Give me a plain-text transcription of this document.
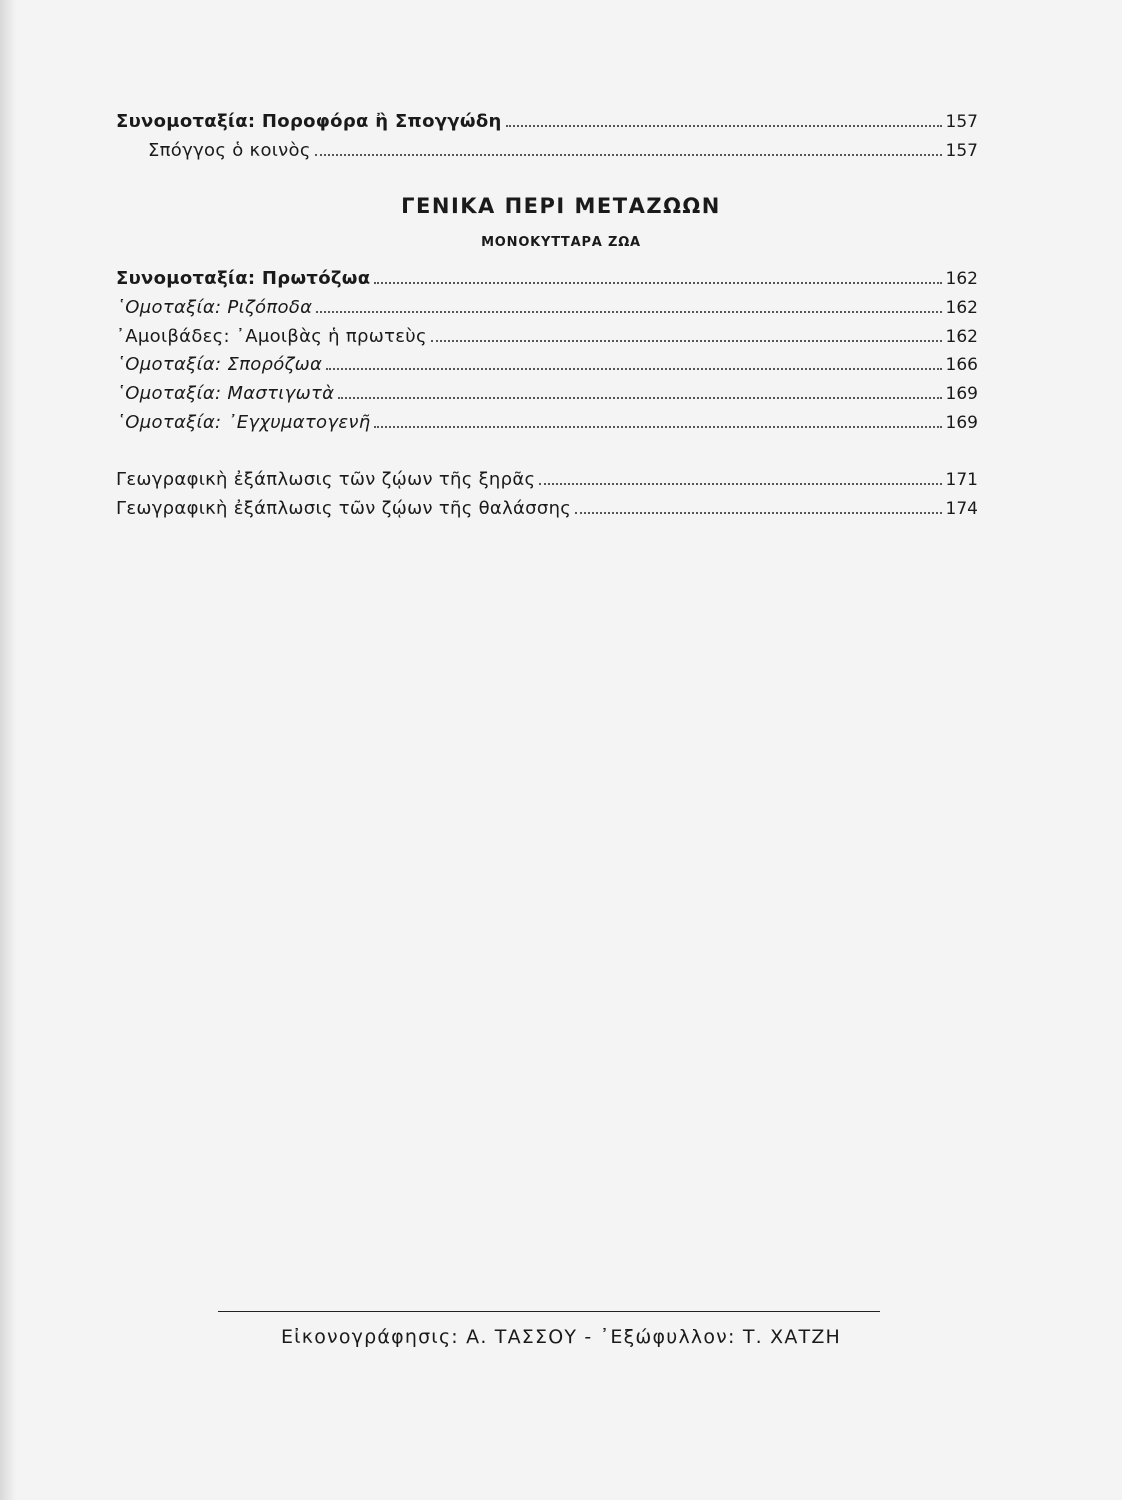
Συνομοταξία: Πορoφόρα ἢ Σπογγώδη	157
Σπόγγος ὁ κοινὸς	157
ΓΕΝΙΚΑ ΠΕΡΙ ΜΕΤΑΖΩΩΝ
ΜΟΝΟΚΥΤΤΑΡΑ ΖΩΑ
Συνομοταξία: Πρωτόζωα	162
῾Ομοταξία: Ριζόποδα	162
᾿Αμοιβάδες: ᾿Αμοιβὰς ἡ πρωτεὺς	162
῾Ομοταξία: Σπορόζωα	166
῾Ομοταξία: Μαστιγωτὰ	169
῾Ομοταξία: ᾿Εγχυματογενῆ	169
Γεωγραφικὴ ἐξάπλωσις τῶν ζῴων τῆς ξηρᾶς	171
Γεωγραφικὴ ἐξάπλωσις τῶν ζῴων τῆς θαλάσσης	174
Εἰκονογράφησις: Α. ΤΑΣΣΟΥ - ᾿Εξώφυλλον: Τ. ΧΑΤΖΗ
